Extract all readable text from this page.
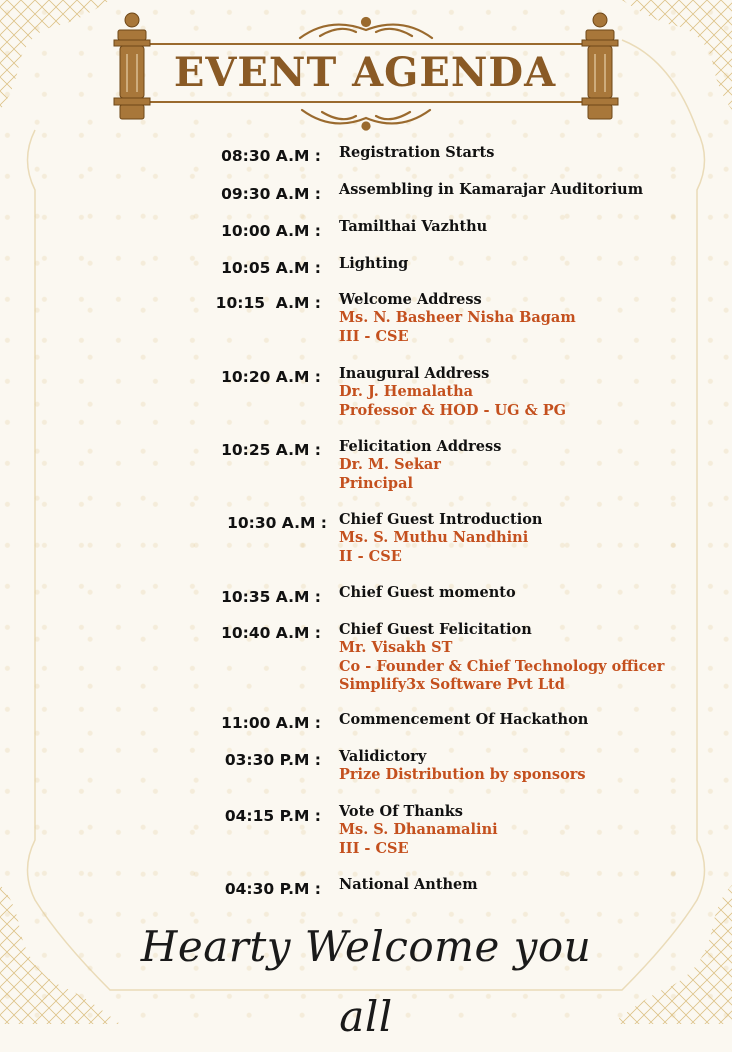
EVENT AGENDA
08:30 A.M : Registration Starts
09:30 A.M : Assembling in Kamarajar Auditorium
10:00 A.M : Tamilthai Vazhthu
10:05 A.M : Lighting
10:15  A.M : Welcome Address
Ms. N. Basheer Nisha Bagam
III - CSE
10:20 A.M : Inaugural Address
Dr. J. Hemalatha
Professor & HOD - UG & PG
10:25 A.M : Felicitation Address
Dr. M. Sekar
Principal
10:30 A.M : Chief Guest Introduction
Ms. S. Muthu Nandhini
II - CSE
10:35 A.M : Chief Guest momento
10:40 A.M : Chief Guest Felicitation
Mr. Visakh ST
Co - Founder & Chief Technology officer
Simplify3x Software Pvt Ltd
11:00 A.M : Commencement Of Hackathon
03:30 P.M : Validictory
Prize Distribution by sponsors
04:15 P.M : Vote Of Thanks
Ms. S. Dhanamalini
III - CSE
04:30 P.M : National Anthem
Hearty Welcome you all
